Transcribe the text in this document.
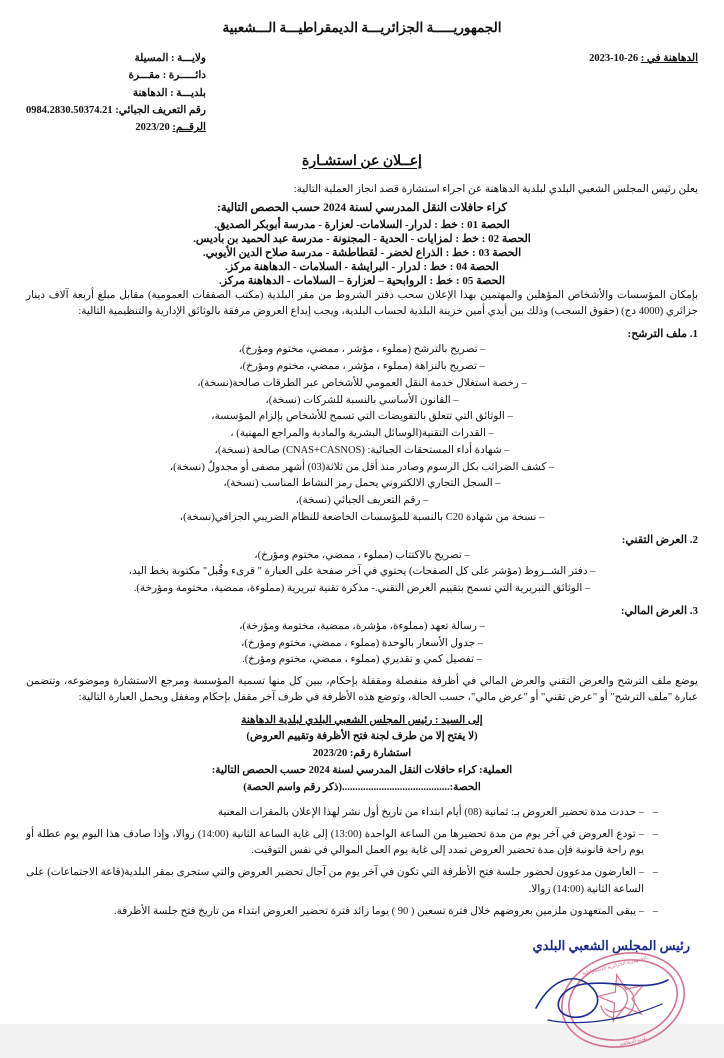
الجمهوريـــــة الجزائريـــة الديمقراطيـــة الـــشعبية
ولايـــة : المسيلة
دائـــــرة : مقـــرة
بلديـــة : الدهاهنة
رقم التعريف الجبائي: 0984.2830.50374.21
الرقــم: 2023/20
الدهاهنة في : 2023-10-26
إعــلان عن استشـارة

يعلن رئيس المجلس الشعبي البلدي لبلدية الدهاهنة عن اجراء استشارة قصد انجاز العملية التالية:

كراء حافلات النقل المدرسي لسنة 2024 حسب الحصص التالية:
الحصة 01 : خط : لدرار- السلامات- لعزارة - مدرسة أبوبكر الصديق.
الحصة 02 : خط : لمزايات - الحدية - المجنونة - مدرسة عبد الحميد بن باديس.
الحصة 03 : خط : الذراع لخضر - لقطاطشة - مدرسة صلاح الدين الأيوبي.
الحصة 04 : خط : لدرار - البرايشة - السلامات - الدهاهنة مركز.
الحصة 05 : خط : الروابحية – لعزارة – السلامات - الدهاهنة مركز.

بإمكان المؤسسات والأشخاص المؤهلين والمهتمين بهذا الإعلان سحب دفتر الشروط من مقر البلدية (مكتب الصفقات العمومية) مقابل مبلغ أربعة آلاف دينار جزائري (4000 دج) (حقوق السحب) وذلك بين أيدي أمين خزينة البلدية لحساب البلدية، ويجب إيداع العروض مرفقة بالوثائق الإدارية والتنظيمية التالية:

1. ملف الترشح:
– تصريح بالترشح (مملوء ، مؤشر ، ممضي، مختوم ومؤرخ)،
– تصريح بالنزاهة (مملوء ، مؤشر ، ممضي، مختوم ومؤرخ)،
– رخصة استغلال خدمة النقل العمومي للأشخاص عبر الطرقات صالحة(نسخة)،
– القانون الأساسي بالنسبة للشركات (نسخة)،
– الوثائق التي تتعلق بالتفويضات التي تسمح للأشخاص بإلزام المؤسسة،
– القدرات التقنية(الوسائل البشرية والمادية والمراجع المهنية) ،
– شهادة أداء المستحقات الجبائية: (CNAS+CASNOS) صالحة (نسخة)،
– كشف الضرائب بكل الرسوم وصادر منذ أقل من ثلاثة(03) أشهر مصفى أو مجدولٌ (نسخة)،
– السجل التجاري الالكتروني يحمل رمز النشاط المناسب (نسخة)،
– رقم التعريف الجبائي (نسخة)،
– نسخة من شهادة C20 بالنسبة للمؤسسات الخاضعة للنظام الضريبي الجزافي(نسخة)،
2. العرض التقني:
– تصريح بالاكتتاب (مملوء ، ممضي، مختوم ومؤرخ)،
– دفتر الشــروط (مؤشر على كل الصفحات) يحتوي في آخر صفحة على العبارة " قرىء وقُبل" مكتوبة بخط اليد،
– الوثائق التبريرية التي تسمح بتقييم العرض التقني.- مذكرة تقنية تبريرية (مملوءة، ممضية، مختومة ومؤرخة).
3. العرض المالي:
– رسالة تعهد (مملوءة، مؤشرة، ممضية، مختومة ومؤرخة)،
– جدول الأسعار بالوحدة (مملوء ، ممضي، مختوم ومؤرخ)،
– تفصيل كمي و تقديري (مملوء ، ممضي، مختوم ومؤرخ).

يوضع ملف الترشح والعرض التقني والعرض المالي في أظرفة منفصلة ومقفلة بإحكام، يبين كل منها تسمية المؤسسة ومرجع الاستشارة وموضوعه، وتتضمن عبارة "ملف الترشح" أو "عرض تقني" أو "عرض مالي"، حسب الحالة، وتوضع هذه الأظرفة في ظرف آخر مقفل بإحكام ومغفل ويحمل العبارة التالية:

إلى السيد : رئيس المجلس الشعبي البلدي لبلدية الدهاهنة
(لا يفتح إلا من طرف لجنة فتح الأظرفة وتقييم العروض)
استشارة رقم: 2023/20
العملية: كراء حافلات النقل المدرسي لسنة 2024 حسب الحصص التالية:
الحصة:.........................................(ذكر رقم واسم الحصة)
– – حددت مدة تحضير العروض بـ: ثمانية (08) أيام ابتداء من تاريخ أول نشر لهذا الإعلان بالمقرات المعنية
– – تودع العروض في آخر يوم من مدة تحضيرها من الساعة الواحدة (13:00) إلى غاية الساعة الثانية (14:00) زوالا، وإذا صادف هذا اليوم يوم عطلة أو يوم راحة قانونية فإن مدة تحضير العروض تمدد إلى غاية يوم العمل الموالي في نفس التوقيت.
– – العارضون مدعوون لحضور جلسة فتح الأظرفة التي تكون في آخر يوم من آجال تحضير العروض والتي ستجرى بمقر البلدية(قاعة الاجتماعات) على الساعة الثانية (14:00) زوالا.
– – يبقى المتعهدون ملزمين بعروضهم خلال فترة تسعين ( 90 ) يوما زائد فترة تحضير العروض ابتداء من تاريخ فتح جلسة الأظرفة.
رئيس المجلس الشعبي البلدي
الجمهورية الجزائرية الديمقراطية
بلدية الدهاهنة
